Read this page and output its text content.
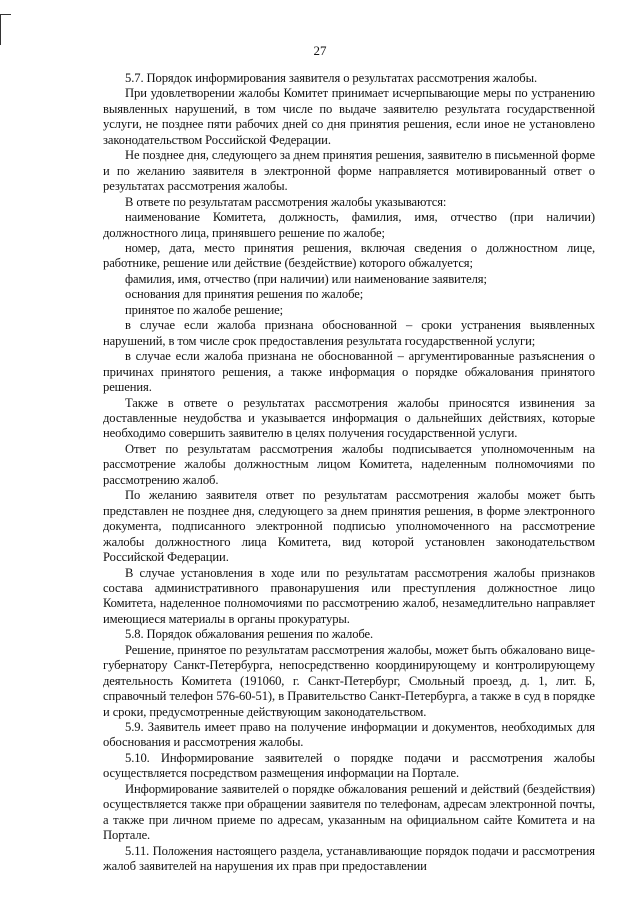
27

5.7. Порядок информирования заявителя о результатах рассмотрения жалобы.

При удовлетворении жалобы Комитет принимает исчерпывающие меры по устранению выявленных нарушений, в том числе по выдаче заявителю результата государственной услуги, не позднее пяти рабочих дней со дня принятия решения, если иное не установлено законодательством Российской Федерации.

Не позднее дня, следующего за днем принятия решения, заявителю в письменной форме и по желанию заявителя в электронной форме направляется мотивированный ответ о результатах рассмотрения жалобы.

В ответе по результатам рассмотрения жалобы указываются:

наименование Комитета, должность, фамилия, имя, отчество (при наличии) должностного лица, принявшего решение по жалобе;

номер, дата, место принятия решения, включая сведения о должностном лице, работнике, решение или действие (бездействие) которого обжалуется;

фамилия, имя, отчество (при наличии) или наименование заявителя;

основания для принятия решения по жалобе;

принятое по жалобе решение;

в случае если жалоба признана обоснованной – сроки устранения выявленных нарушений, в том числе срок предоставления результата государственной услуги;

в случае если жалоба признана не обоснованной – аргументированные разъяснения о причинах принятого решения, а также информация о порядке обжалования принятого решения.

Также в ответе о результатах рассмотрения жалобы приносятся извинения за доставленные неудобства и указывается информация о дальнейших действиях, которые необходимо совершить заявителю в целях получения государственной услуги.

Ответ по результатам рассмотрения жалобы подписывается уполномоченным на рассмотрение жалобы должностным лицом Комитета, наделенным полномочиями по рассмотрению жалоб.

По желанию заявителя ответ по результатам рассмотрения жалобы может быть представлен не позднее дня, следующего за днем принятия решения, в форме электронного документа, подписанного электронной подписью уполномоченного на рассмотрение жалобы должностного лица Комитета, вид которой установлен законодательством Российской Федерации.

В случае установления в ходе или по результатам рассмотрения жалобы признаков состава административного правонарушения или преступления должностное лицо Комитета, наделенное полномочиями по рассмотрению жалоб, незамедлительно направляет имеющиеся материалы в органы прокуратуры.

5.8. Порядок обжалования решения по жалобе.

Решение, принятое по результатам рассмотрения жалобы, может быть обжаловано вице-губернатору Санкт-Петербурга, непосредственно координирующему и контролирующему деятельность Комитета (191060, г. Санкт-Петербург, Смольный проезд, д. 1, лит. Б, справочный телефон 576-60-51), в Правительство Санкт-Петербурга, а также в суд в порядке и сроки, предусмотренные действующим законодательством.

5.9. Заявитель имеет право на получение информации и документов, необходимых для обоснования и рассмотрения жалобы.

5.10. Информирование заявителей о порядке подачи и рассмотрения жалобы осуществляется посредством размещения информации на Портале.

Информирование заявителей о порядке обжалования решений и действий (бездействия) осуществляется также при обращении заявителя по телефонам, адресам электронной почты, а также при личном приеме по адресам, указанным на официальном сайте Комитета и на Портале.

5.11. Положения настоящего раздела, устанавливающие порядок подачи и рассмотрения жалоб заявителей на нарушения их прав при предоставлении
